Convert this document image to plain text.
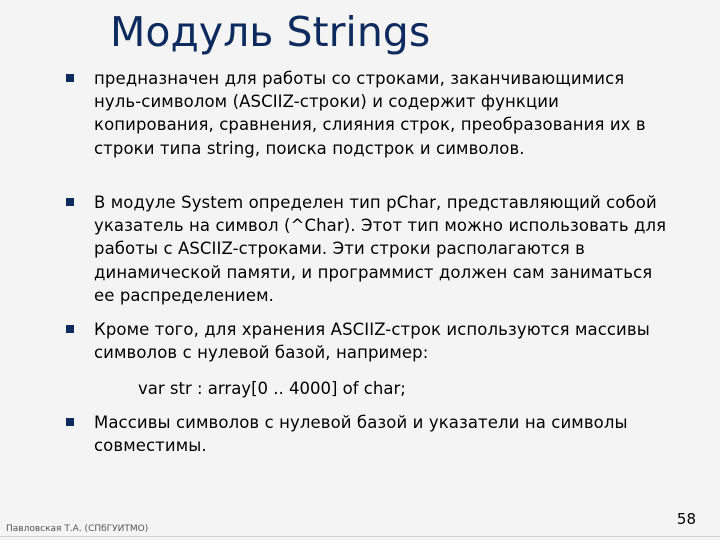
Модуль Strings
предназначен для работы со строками, заканчивающимися нуль-символом (ASCIIZ-строки) и содержит функции копирования, сравнения, слияния строк, преобразования их в строки типа string, поиска подстрок и символов.
В модуле System определен тип pChar, представляющий собой указатель на символ (^Char). Этот тип можно использовать для работы с ASCIIZ-строками. Эти строки располагаются в динамической памяти, и программист должен сам заниматься ее распределением.
Кроме того, для хранения ASCIIZ-строк используются массивы символов с нулевой базой, например:
var str : array[0 .. 4000] of char;
Массивы символов с нулевой базой и указатели на символы совместимы.
Павловская Т.А. (СПбГУИТМО)
58
